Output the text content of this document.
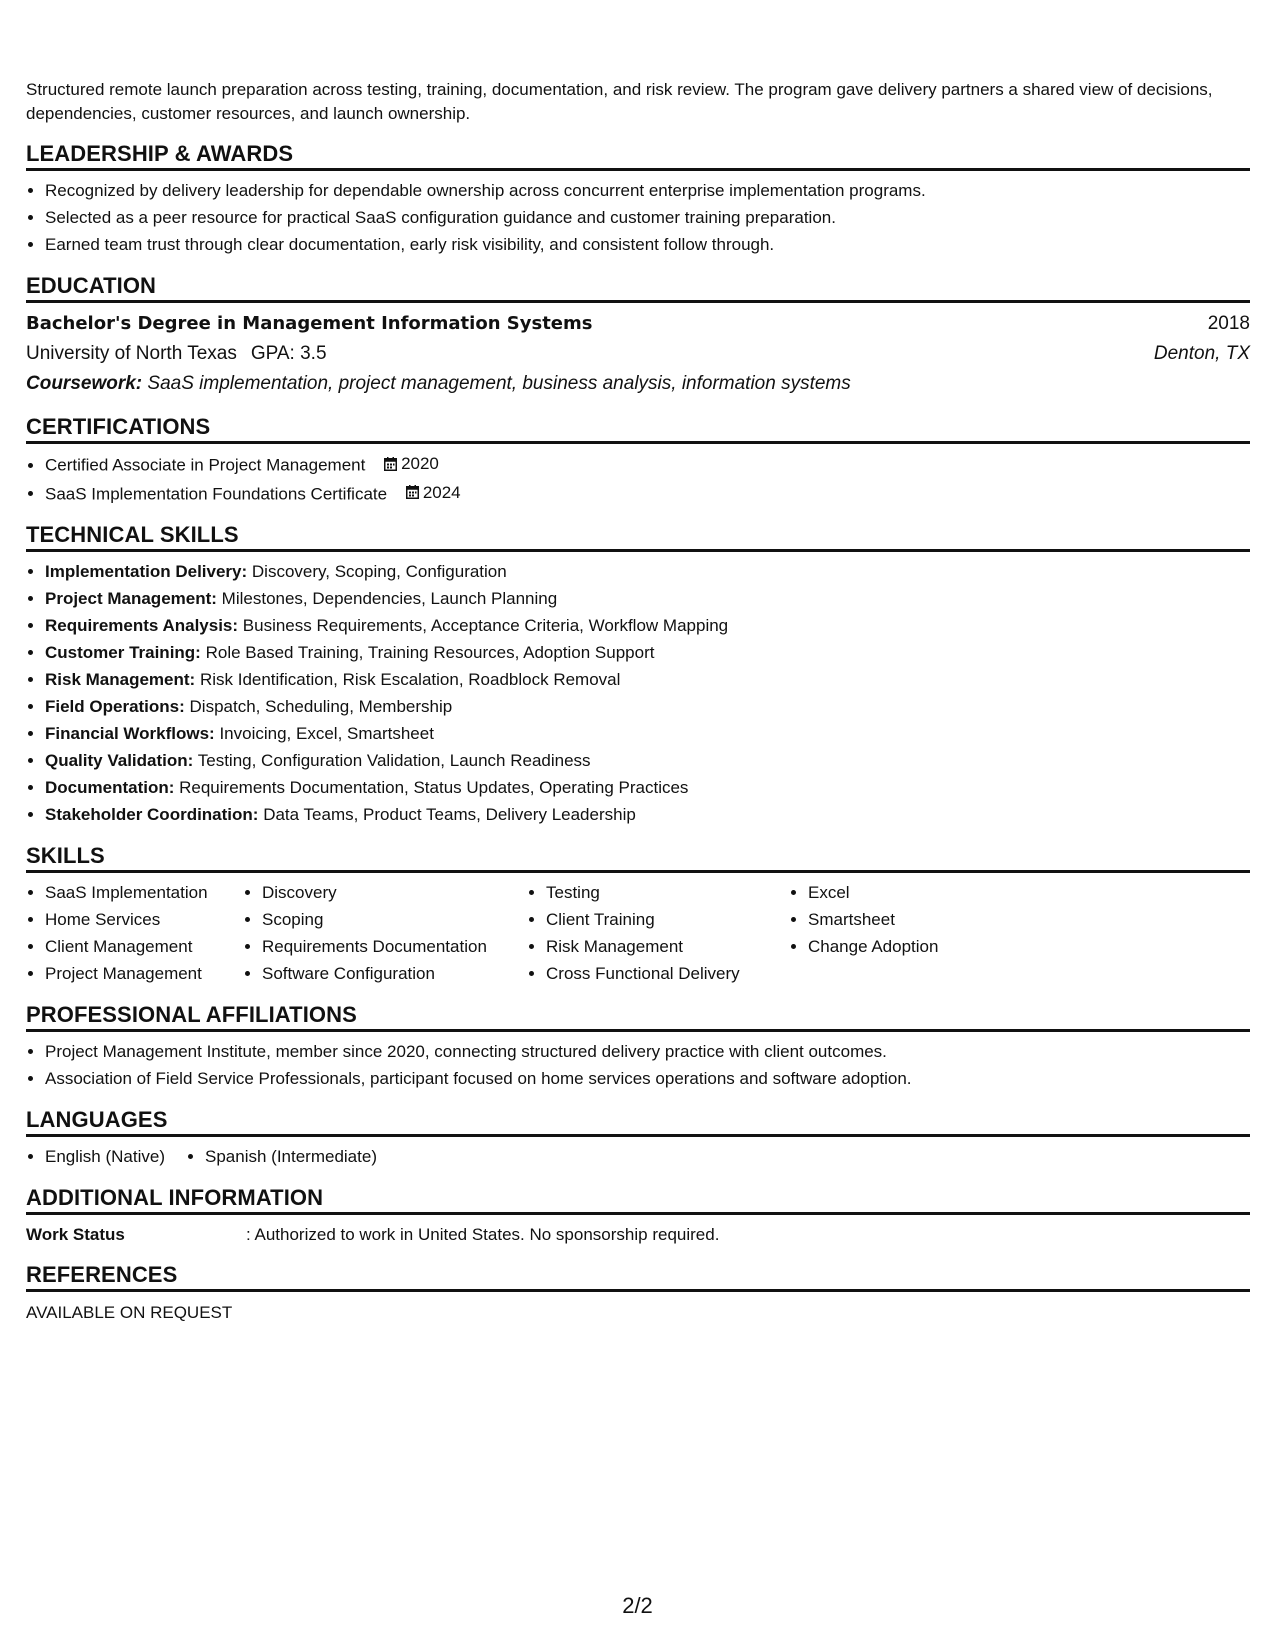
Structured remote launch preparation across testing, training, documentation, and risk review. The program gave delivery partners a shared view of decisions, dependencies, customer resources, and launch ownership.

LEADERSHIP & AWARDS
• Recognized by delivery leadership for dependable ownership across concurrent enterprise implementation programs.
• Selected as a peer resource for practical SaaS configuration guidance and customer training preparation.
• Earned team trust through clear documentation, early risk visibility, and consistent follow through.
EDUCATION
Bachelor's Degree in Management Information Systems	2018
University of North Texas GPA: 3.5	Denton, TX
Coursework: SaaS implementation, project management, business analysis, information systems
CERTIFICATIONS
• Certified Associate in Project Management 2020
• SaaS Implementation Foundations Certificate 2024
TECHNICAL SKILLS
• Implementation Delivery: Discovery, Scoping, Configuration
• Project Management: Milestones, Dependencies, Launch Planning
• Requirements Analysis: Business Requirements, Acceptance Criteria, Workflow Mapping
• Customer Training: Role Based Training, Training Resources, Adoption Support
• Risk Management: Risk Identification, Risk Escalation, Roadblock Removal
• Field Operations: Dispatch, Scheduling, Membership
• Financial Workflows: Invoicing, Excel, Smartsheet
• Quality Validation: Testing, Configuration Validation, Launch Readiness
• Documentation: Requirements Documentation, Status Updates, Operating Practices
• Stakeholder Coordination: Data Teams, Product Teams, Delivery Leadership
SKILLS
• SaaS Implementation
• Home Services
• Client Management
• Project Management
• Discovery
• Scoping
• Requirements Documentation
• Software Configuration
• Testing
• Client Training
• Risk Management
• Cross Functional Delivery
• Excel
• Smartsheet
• Change Adoption
PROFESSIONAL AFFILIATIONS
• Project Management Institute, member since 2020, connecting structured delivery practice with client outcomes.
• Association of Field Service Professionals, participant focused on home services operations and software adoption.
LANGUAGES
• English (Native)
• Spanish (Intermediate)
ADDITIONAL INFORMATION
Work Status	: Authorized to work in United States. No sponsorship required.
REFERENCES
AVAILABLE ON REQUEST
2/2
